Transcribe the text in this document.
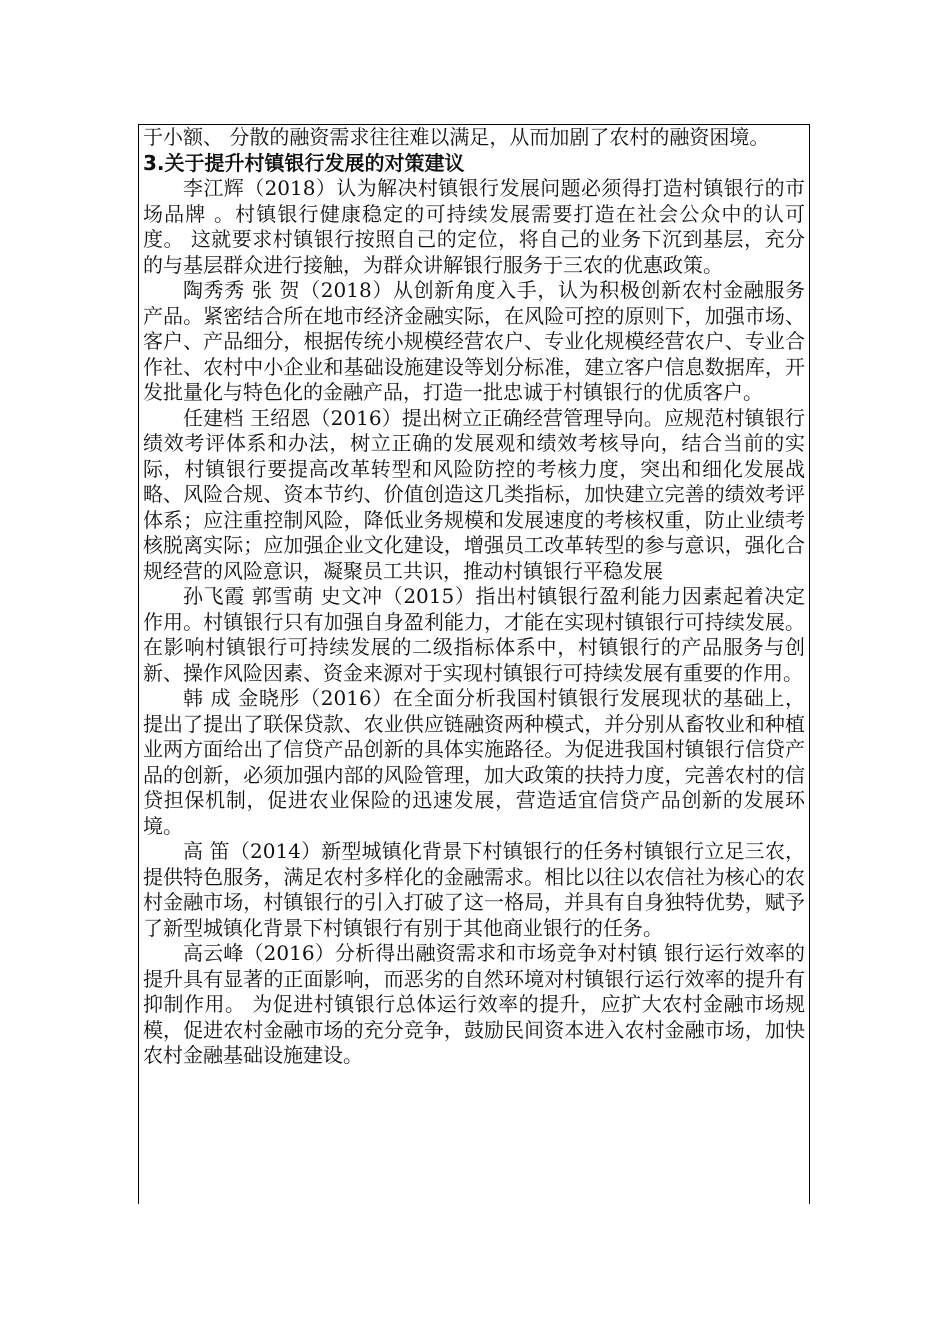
于小额、 分散的融资需求往往难以满足，从而加剧了农村的融资困境。

3.关于提升村镇银行发展的对策建议

李江辉（2018）认为解决村镇银行发展问题必须得打造村镇银行的市场品牌 。村镇银行健康稳定的可持续发展需要打造在社会公众中的认可度。 这就要求村镇银行按照自己的定位，将自己的业务下沉到基层，充分的与基层群众进行接触，为群众讲解银行服务于三农的优惠政策。

陶秀秀 张 贺（2018）从创新角度入手，认为积极创新农村金融服务产品。紧密结合所在地市经济金融实际，在风险可控的原则下，加强市场、客户、产品细分，根据传统小规模经营农户、专业化规模经营农户、专业合作社、农村中小企业和基础设施建设等划分标准，建立客户信息数据库，开发批量化与特色化的金融产品，打造一批忠诚于村镇银行的优质客户。

任建档 王绍恩（2016）提出树立正确经营管理导向。应规范村镇银行绩效考评体系和办法，树立正确的发展观和绩效考核导向，结合当前的实际，村镇银行要提高改革转型和风险防控的考核力度，突出和细化发展战略、风险合规、资本节约、价值创造这几类指标，加快建立完善的绩效考评体系；应注重控制风险，降低业务规模和发展速度的考核权重，防止业绩考核脱离实际；应加强企业文化建设，增强员工改革转型的参与意识，强化合规经营的风险意识，凝聚员工共识，推动村镇银行平稳发展

孙飞霞 郭雪萌 史文冲（2015）指出村镇银行盈利能力因素起着决定作用。村镇银行只有加强自身盈利能力，才能在实现村镇银行可持续发展。在影响村镇银行可持续发展的二级指标体系中，村镇银行的产品服务与创新、操作风险因素、资金来源对于实现村镇银行可持续发展有重要的作用。

韩 成 金晓彤（2016）在全面分析我国村镇银行发展现状的基础上，提出了提出了联保贷款、农业供应链融资两种模式，并分别从畜牧业和种植业两方面给出了信贷产品创新的具体实施路径。为促进我国村镇银行信贷产品的创新，必须加强内部的风险管理，加大政策的扶持力度，完善农村的信贷担保机制，促进农业保险的迅速发展，营造适宜信贷产品创新的发展环境。

高 笛（2014）新型城镇化背景下村镇银行的任务村镇银行立足三农，提供特色服务，满足农村多样化的金融需求。相比以往以农信社为核心的农村金融市场，村镇银行的引入打破了这一格局，并具有自身独特优势，赋予了新型城镇化背景下村镇银行有别于其他商业银行的任务。

高云峰（2016）分析得出融资需求和市场竞争对村镇 银行运行效率的提升具有显著的正面影响，而恶劣的自然环境对村镇银行运行效率的提升有抑制作用。 为促进村镇银行总体运行效率的提升，应扩大农村金融市场规模，促进农村金融市场的充分竞争，鼓励民间资本进入农村金融市场，加快农村金融基础设施建设。
